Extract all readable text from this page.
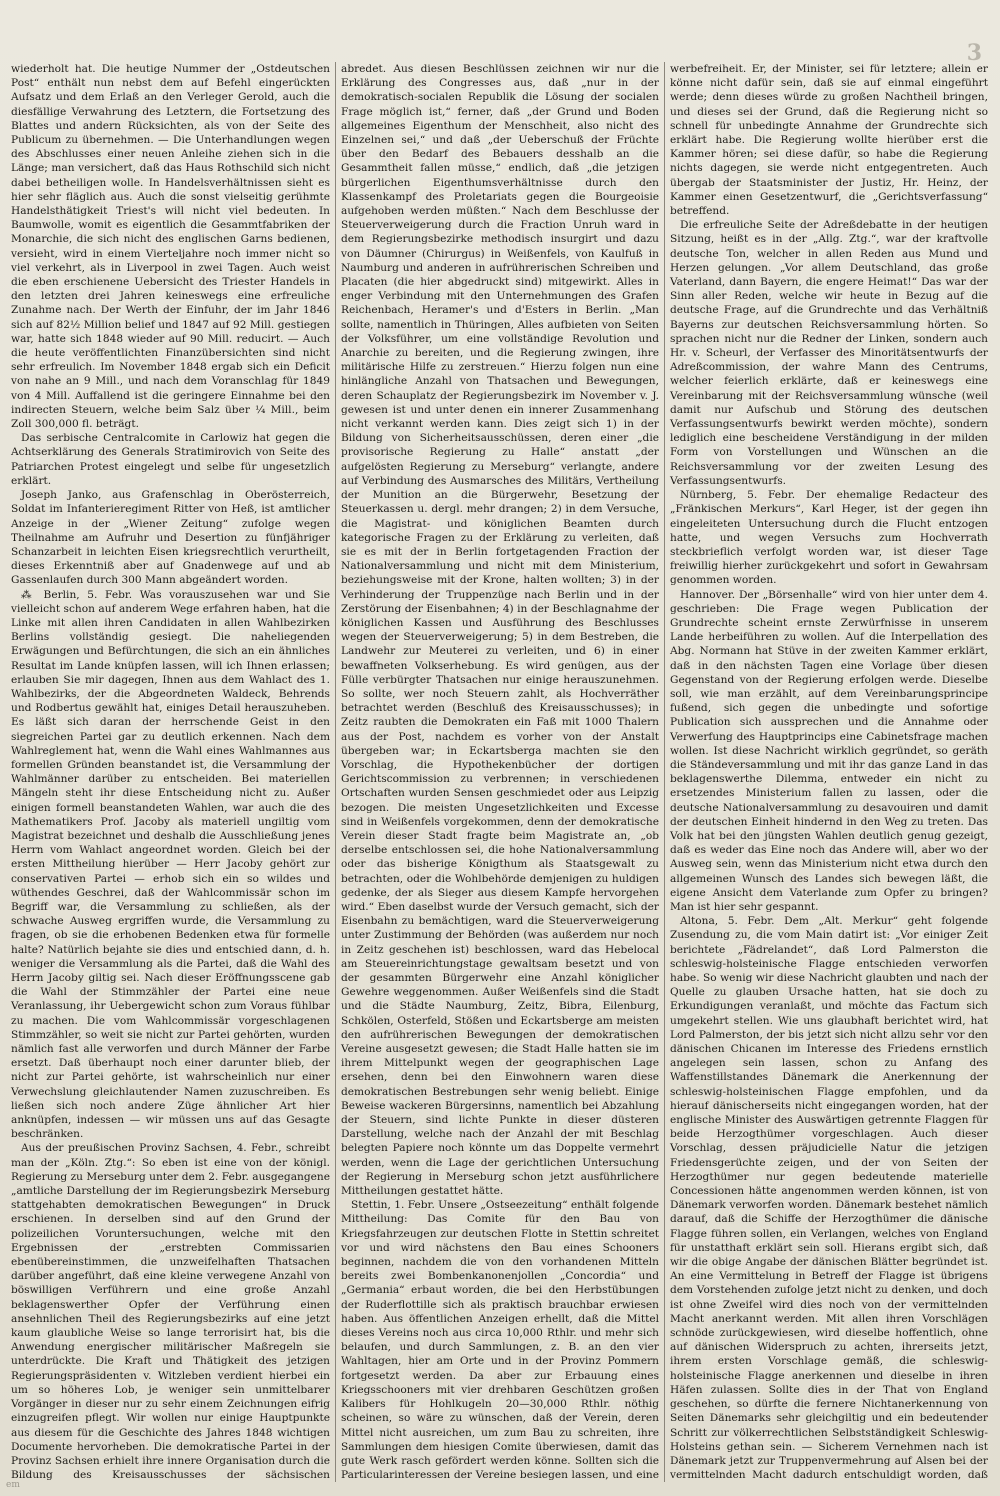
3

wiederholt hat. Die heutige Nummer der „Ostdeutschen Post“ enthält nun nebst dem auf Befehl eingerückten Aufsatz und dem Erlaß an den Verleger Gerold, auch die diesfällige Verwahrung des Letztern, die Fortsetzung des Blattes und andern Rücksichten, als von der Seite des Publicum zu übernehmen. — Die Unterhandlungen wegen des Abschlusses einer neuen Anleihe ziehen sich in die Länge; man versichert, daß das Haus Rothschild sich nicht dabei betheiligen wolle. In Handelsverhältnissen sieht es hier sehr fläglich aus. Auch die sonst vielseitig gerühmte Handelsthätigkeit Triest's will nicht viel bedeuten. In Baumwolle, womit es eigentlich die Gesammtfabriken der Monarchie, die sich nicht des englischen Garns bedienen, versieht, wird in einem Vierteljahre noch immer nicht so viel verkehrt, als in Liverpool in zwei Tagen. Auch weist die eben erschienene Uebersicht des Triester Handels in den letzten drei Jahren keineswegs eine erfreuliche Zunahme nach. Der Werth der Einfuhr, der im Jahr 1846 sich auf 82½ Million belief und 1847 auf 92 Mill. gestiegen war, hatte sich 1848 wieder auf 90 Mill. reducirt. — Auch die heute veröffentlichten Finanzübersichten sind nicht sehr erfreulich. Im November 1848 ergab sich ein Deficit von nahe an 9 Mill., und nach dem Voranschlag für 1849 von 4 Mill. Auffallend ist die geringere Einnahme bei den indirecten Steuern, welche beim Salz über ¼ Mill., beim Zoll 300,000 fl. beträgt.

Das serbische Centralcomite in Carlowiz hat gegen die Achtserklärung des Generals Stratimirovich von Seite des Patriarchen Protest eingelegt und selbe für ungesetzlich erklärt.

Joseph Janko, aus Grafenschlag in Oberösterreich, Soldat im Infanterieregiment Ritter von Heß, ist amtlicher Anzeige in der „Wiener Zeitung“ zufolge wegen Theilnahme am Aufruhr und Desertion zu fünfjähriger Schanzarbeit in leichten Eisen kriegsrechtlich verurtheilt, dieses Erkenntniß aber auf Gnadenwege auf und ab Gassenlaufen durch 300 Mann abgeändert worden.

⁂ Berlin, 5. Febr. Was vorauszusehen war und Sie vielleicht schon auf anderem Wege erfahren haben, hat die Linke mit allen ihren Candidaten in allen Wahlbezirken Berlins vollständig gesiegt. Die naheliegenden Erwägungen und Befürchtungen, die sich an ein ähnliches Resultat im Lande knüpfen lassen, will ich Ihnen erlassen; erlauben Sie mir dagegen, Ihnen aus dem Wahlact des 1. Wahlbezirks, der die Abgeordneten Waldeck, Behrends und Rodbertus gewählt hat, einiges Detail herauszuheben. Es läßt sich daran der herrschende Geist in den siegreichen Partei gar zu deutlich erkennen. Nach dem Wahlreglement hat, wenn die Wahl eines Wahlmannes aus formellen Gründen beanstandet ist, die Versammlung der Wahlmänner darüber zu entscheiden. Bei materiellen Mängeln steht ihr diese Entscheidung nicht zu. Außer einigen formell beanstandeten Wahlen, war auch die des Mathematikers Prof. Jacoby als materiell ungiltig vom Magistrat bezeichnet und deshalb die Ausschließung jenes Herrn vom Wahlact angeordnet worden. Gleich bei der ersten Mittheilung hierüber — Herr Jacoby gehört zur conservativen Partei — erhob sich ein so wildes und wüthendes Geschrei, daß der Wahlcommissär schon im Begriff war, die Versammlung zu schließen, als der schwache Ausweg ergriffen wurde, die Versammlung zu fragen, ob sie die erhobenen Bedenken etwa für formelle halte? Natürlich bejahte sie dies und entschied dann, d. h. weniger die Versammlung als die Partei, daß die Wahl des Herrn Jacoby giltig sei. Nach dieser Eröffnungsscene gab die Wahl der Stimmzähler der Partei eine neue Veranlassung, ihr Uebergewicht schon zum Voraus fühlbar zu machen. Die vom Wahlcommissär vorgeschlagenen Stimmzähler, so weit sie nicht zur Partei gehörten, wurden nämlich fast alle verworfen und durch Männer der Farbe ersetzt. Daß überhaupt noch einer darunter blieb, der nicht zur Partei gehörte, ist wahrscheinlich nur einer Verwechslung gleichlautender Namen zuzuschreiben. Es ließen sich noch andere Züge ähnlicher Art hier anknüpfen, indessen — wir müssen uns auf das Gesagte beschränken.

Aus der preußischen Provinz Sachsen, 4. Febr., schreibt man der „Köln. Ztg.“: So eben ist eine von der königl. Regierung zu Merseburg unter dem 2. Febr. ausgegangene „amtliche Darstellung der im Regierungsbezirk Merseburg stattgehabten demokratischen Bewegungen“ in Druck erschienen. In derselben sind auf den Grund der polizeilichen Voruntersuchungen, welche mit den Ergebnissen der „erstrebten Commissarien ebenübereinstimmen, die unzweifelhaften Thatsachen darüber angeführt, daß eine kleine verwegene Anzahl von böswilligen Verführern und eine große Anzahl beklagenswerther Opfer der Verführung einen ansehnlichen Theil des Regierungsbezirks auf eine jetzt kaum glaubliche Weise so lange terrorisirt hat, bis die Anwendung energischer militärischer Maßregeln sie unterdrückte. Die Kraft und Thätigkeit des jetzigen Regierungspräsidenten v. Witzleben verdient hierbei ein um so höheres Lob, je weniger sein unmittelbarer Vorgänger in dieser nur zu sehr einem Zeichnungen eifrig einzugreifen pflegt. Wir wollen nur einige Hauptpunkte aus diesem für die Geschichte des Jahres 1848 wichtigen Documente hervorheben. Die demokratische Partei in der Provinz Sachsen erhielt ihre innere Organisation durch die Bildung des Kreisausschusses der sächsischen

abredet. Aus diesen Beschlüssen zeichnen wir nur die Erklärung des Congresses aus, daß „nur in der demokratisch-socialen Republik die Lösung der socialen Frage möglich ist,“ ferner, daß „der Grund und Boden allgemeines Eigenthum der Menschheit, also nicht des Einzelnen sei,“ und daß „der Ueberschuß der Früchte über den Bedarf des Bebauers desshalb an die Gesammtheit fallen müsse,“ endlich, daß „die jetzigen bürgerlichen Eigenthumsverhältnisse durch den Klassenkampf des Proletariats gegen die Bourgeoisie aufgehoben werden müßten.“ Nach dem Beschlusse der Steuerverweigerung durch die Fraction Unruh ward in dem Regierungsbezirke methodisch insurgirt und dazu von Däumner (Chirurgus) in Weißenfels, von Kaulfuß in Naumburg und anderen in aufrührerischen Schreiben und Placaten (die hier abgedruckt sind) mitgewirkt. Alles in enger Verbindung mit den Unternehmungen des Grafen Reichenbach, Heramer's und d'Esters in Berlin. „Man sollte, namentlich in Thüringen, Alles aufbieten von Seiten der Volksführer, um eine vollständige Revolution und Anarchie zu bereiten, und die Regierung zwingen, ihre militärische Hilfe zu zerstreuen.“ Hierzu folgen nun eine hinlängliche Anzahl von Thatsachen und Bewegungen, deren Schauplatz der Regierungsbezirk im November v. J. gewesen ist und unter denen ein innerer Zusammenhang nicht verkannt werden kann. Dies zeigt sich 1) in der Bildung von Sicherheitsausschüssen, deren einer „die provisorische Regierung zu Halle“ anstatt „der aufgelösten Regierung zu Merseburg“ verlangte, andere auf Verbindung des Ausmarsches des Militärs, Vertheilung der Munition an die Bürgerwehr, Besetzung der Steuerkassen u. dergl. mehr drangen; 2) in dem Versuche, die Magistrat- und königlichen Beamten durch kategorische Fragen zu der Erklärung zu verleiten, daß sie es mit der in Berlin fortgetagenden Fraction der Nationalversammlung und nicht mit dem Ministerium, beziehungsweise mit der Krone, halten wollten; 3) in der Verhinderung der Truppenzüge nach Berlin und in der Zerstörung der Eisenbahnen; 4) in der Beschlagnahme der königlichen Kassen und Ausführung des Beschlusses wegen der Steuerverweigerung; 5) in dem Bestreben, die Landwehr zur Meuterei zu verleiten, und 6) in einer bewaffneten Volkserhebung. Es wird genügen, aus der Fülle verbürgter Thatsachen nur einige herauszunehmen. So sollte, wer noch Steuern zahlt, als Hochverräther betrachtet werden (Beschluß des Kreisausschusses); in Zeitz raubten die Demokraten ein Faß mit 1000 Thalern aus der Post, nachdem es vorher von der Anstalt übergeben war; in Eckartsberga machten sie den Vorschlag, die Hypothekenbücher der dortigen Gerichtscommission zu verbrennen; in verschiedenen Ortschaften wurden Sensen geschmiedet oder aus Leipzig bezogen. Die meisten Ungesetzlichkeiten und Excesse sind in Weißenfels vorgekommen, denn der demokratische Verein dieser Stadt fragte beim Magistrate an, „ob derselbe entschlossen sei, die hohe Nationalversammlung oder das bisherige Königthum als Staatsgewalt zu betrachten, oder die Wohlbehörde demjenigen zu huldigen gedenke, der als Sieger aus diesem Kampfe hervorgehen wird.“ Eben daselbst wurde der Versuch gemacht, sich der Eisenbahn zu bemächtigen, ward die Steuerverweigerung unter Zustimmung der Behörden (was außerdem nur noch in Zeitz geschehen ist) beschlossen, ward das Hebelocal am Steuereinrichtungstage gewaltsam besetzt und von der gesammten Bürgerwehr eine Anzahl königlicher Gewehre weggenommen. Außer Weißenfels sind die Stadt und die Städte Naumburg, Zeitz, Bibra, Eilenburg, Schkölen, Osterfeld, Stößen und Eckartsberge am meisten den aufrührerischen Bewegungen der demokratischen Vereine ausgesetzt gewesen; die Stadt Halle hatten sie im ihrem Mittelpunkt wegen der geographischen Lage ersehen, denn bei den Einwohnern waren diese demokratischen Bestrebungen sehr wenig beliebt. Einige Beweise wackeren Bürgersinns, namentlich bei Abzahlung der Steuern, sind lichte Punkte in dieser düsteren Darstellung, welche nach der Anzahl der mit Beschlag belegten Papiere noch könnte um das Doppelte vermehrt werden, wenn die Lage der gerichtlichen Untersuchung der Regierung in Merseburg schon jetzt ausführlichere Mittheilungen gestattet hätte.

Stettin, 1. Febr. Unsere „Ostseezeitung“ enthält folgende Mittheilung: Das Comite für den Bau von Kriegsfahrzeugen zur deutschen Flotte in Stettin schreitet vor und wird nächstens den Bau eines Schooners beginnen, nachdem die von den vorhandenen Mitteln bereits zwei Bombenkanonenjollen „Concordia“ und „Germania“ erbaut worden, die bei den Herbstübungen der Ruderflottille sich als praktisch brauchbar erwiesen haben. Aus öffentlichen Anzeigen erhellt, daß die Mittel dieses Vereins noch aus circa 10,000 Rthlr. und mehr sich belaufen, und durch Sammlungen, z. B. an den vier Wahltagen, hier am Orte und in der Provinz Pommern fortgesetzt werden. Da aber zur Erbauung eines Kriegsschooners mit vier drehbaren Geschützen großen Kalibers für Hohlkugeln 20—30,000 Rthlr. nöthig scheinen, so wäre zu wünschen, daß der Verein, deren Mittel nicht ausreichen, um zum Bau zu schreiten, ihre Sammlungen dem hiesigen Comite überwiesen, damit das gute Werk rasch gefördert werden könne. Sollten sich die Particularinteressen der Vereine besiegen lassen, und eine

werbefreiheit. Er, der Minister, sei für letztere; allein er könne nicht dafür sein, daß sie auf einmal eingeführt werde; denn dieses würde zu großen Nachtheil bringen, und dieses sei der Grund, daß die Regierung nicht so schnell für unbedingte Annahme der Grundrechte sich erklärt habe. Die Regierung wollte hierüber erst die Kammer hören; sei diese dafür, so habe die Regierung nichts dagegen, sie werde nicht entgegentreten. Auch übergab der Staatsminister der Justiz, Hr. Heinz, der Kammer einen Gesetzentwurf, die „Gerichtsverfassung“ betreffend.

Die erfreuliche Seite der Adreßdebatte in der heutigen Sitzung, heißt es in der „Allg. Ztg.“, war der kraftvolle deutsche Ton, welcher in allen Reden aus Mund und Herzen gelungen. „Vor allem Deutschland, das große Vaterland, dann Bayern, die engere Heimat!“ Das war der Sinn aller Reden, welche wir heute in Bezug auf die deutsche Frage, auf die Grundrechte und das Verhältniß Bayerns zur deutschen Reichsversammlung hörten. So sprachen nicht nur die Redner der Linken, sondern auch Hr. v. Scheurl, der Verfasser des Minoritätsentwurfs der Adreßcommission, der wahre Mann des Centrums, welcher feierlich erklärte, daß er keineswegs eine Vereinbarung mit der Reichsversammlung wünsche (weil damit nur Aufschub und Störung des deutschen Verfassungsentwurfs bewirkt werden möchte), sondern lediglich eine bescheidene Verständigung in der milden Form von Vorstellungen und Wünschen an die Reichsversammlung vor der zweiten Lesung des Verfassungsentwurfs.

Nürnberg, 5. Febr. Der ehemalige Redacteur des „Fränkischen Merkurs“, Karl Heger, ist der gegen ihn eingeleiteten Untersuchung durch die Flucht entzogen hatte, und wegen Versuchs zum Hochverrath steckbrieflich verfolgt worden war, ist dieser Tage freiwillig hierher zurückgekehrt und sofort in Gewahrsam genommen worden.

Hannover. Der „Börsenhalle“ wird von hier unter dem 4. geschrieben: Die Frage wegen Publication der Grundrechte scheint ernste Zerwürfnisse in unserem Lande herbeiführen zu wollen. Auf die Interpellation des Abg. Normann hat Stüve in der zweiten Kammer erklärt, daß in den nächsten Tagen eine Vorlage über diesen Gegenstand von der Regierung erfolgen werde. Dieselbe soll, wie man erzählt, auf dem Vereinbarungsprincipe fußend, sich gegen die unbedingte und sofortige Publication sich aussprechen und die Annahme oder Verwerfung des Hauptprincips eine Cabinetsfrage machen wollen. Ist diese Nachricht wirklich gegründet, so geräth die Ständeversammlung und mit ihr das ganze Land in das beklagenswerthe Dilemma, entweder ein nicht zu ersetzendes Ministerium fallen zu lassen, oder die deutsche Nationalversammlung zu desavouiren und damit der deutschen Einheit hindernd in den Weg zu treten. Das Volk hat bei den jüngsten Wahlen deutlich genug gezeigt, daß es weder das Eine noch das Andere will, aber wo der Ausweg sein, wenn das Ministerium nicht etwa durch den allgemeinen Wunsch des Landes sich bewegen läßt, die eigene Ansicht dem Vaterlande zum Opfer zu bringen? Man ist hier sehr gespannt.

Altona, 5. Febr. Dem „Alt. Merkur“ geht folgende Zusendung zu, die vom Main datirt ist: „Vor einiger Zeit berichtete „Fädrelandet“, daß Lord Palmerston die schleswig-holsteinische Flagge entschieden verworfen habe. So wenig wir diese Nachricht glaubten und nach der Quelle zu glauben Ursache hatten, hat sie doch zu Erkundigungen veranlaßt, und möchte das Factum sich umgekehrt stellen. Wie uns glaubhaft berichtet wird, hat Lord Palmerston, der bis jetzt sich nicht allzu sehr vor den dänischen Chicanen im Interesse des Friedens ernstlich angelegen sein lassen, schon zu Anfang des Waffenstillstandes Dänemark die Anerkennung der schleswig-holsteinischen Flagge empfohlen, und da hierauf dänischerseits nicht eingegangen worden, hat der englische Minister des Auswärtigen getrennte Flaggen für beide Herzogthümer vorgeschlagen. Auch dieser Vorschlag, dessen präjudicielle Natur die jetzigen Friedensgerüchte zeigen, und der von Seiten der Herzogthümer nur gegen bedeutende materielle Concessionen hätte angenommen werden können, ist von Dänemark verworfen worden. Dänemark bestehet nämlich darauf, daß die Schiffe der Herzogthümer die dänische Flagge führen sollen, ein Verlangen, welches von England für unstatthaft erklärt sein soll. Hierans ergibt sich, daß wir die obige Angabe der dänischen Blätter begründet ist. An eine Vermittelung in Betreff der Flagge ist übrigens dem Vorstehenden zufolge jetzt nicht zu denken, und doch ist ohne Zweifel wird dies noch von der vermittelnden Macht anerkannt werden. Mit allen ihren Vorschlägen schnöde zurückgewiesen, wird dieselbe hoffentlich, ohne auf dänischen Widerspruch zu achten, ihrerseits jetzt, ihrem ersten Vorschlage gemäß, die schleswig-holsteinische Flagge anerkennen und dieselbe in ihren Häfen zulassen. Sollte dies in der That von England geschehen, so dürfte die fernere Nichtanerkennung von Seiten Dänemarks sehr gleichgiltig und ein bedeutender Schritt zur völkerrechtlichen Selbstständigkeit Schleswig-Holsteins gethan sein. — Sicherem Vernehmen nach ist Dänemark jetzt zur Truppenvermehrung auf Alsen bei der vermittelnden Macht dadurch entschuldigt worden, daß

em
